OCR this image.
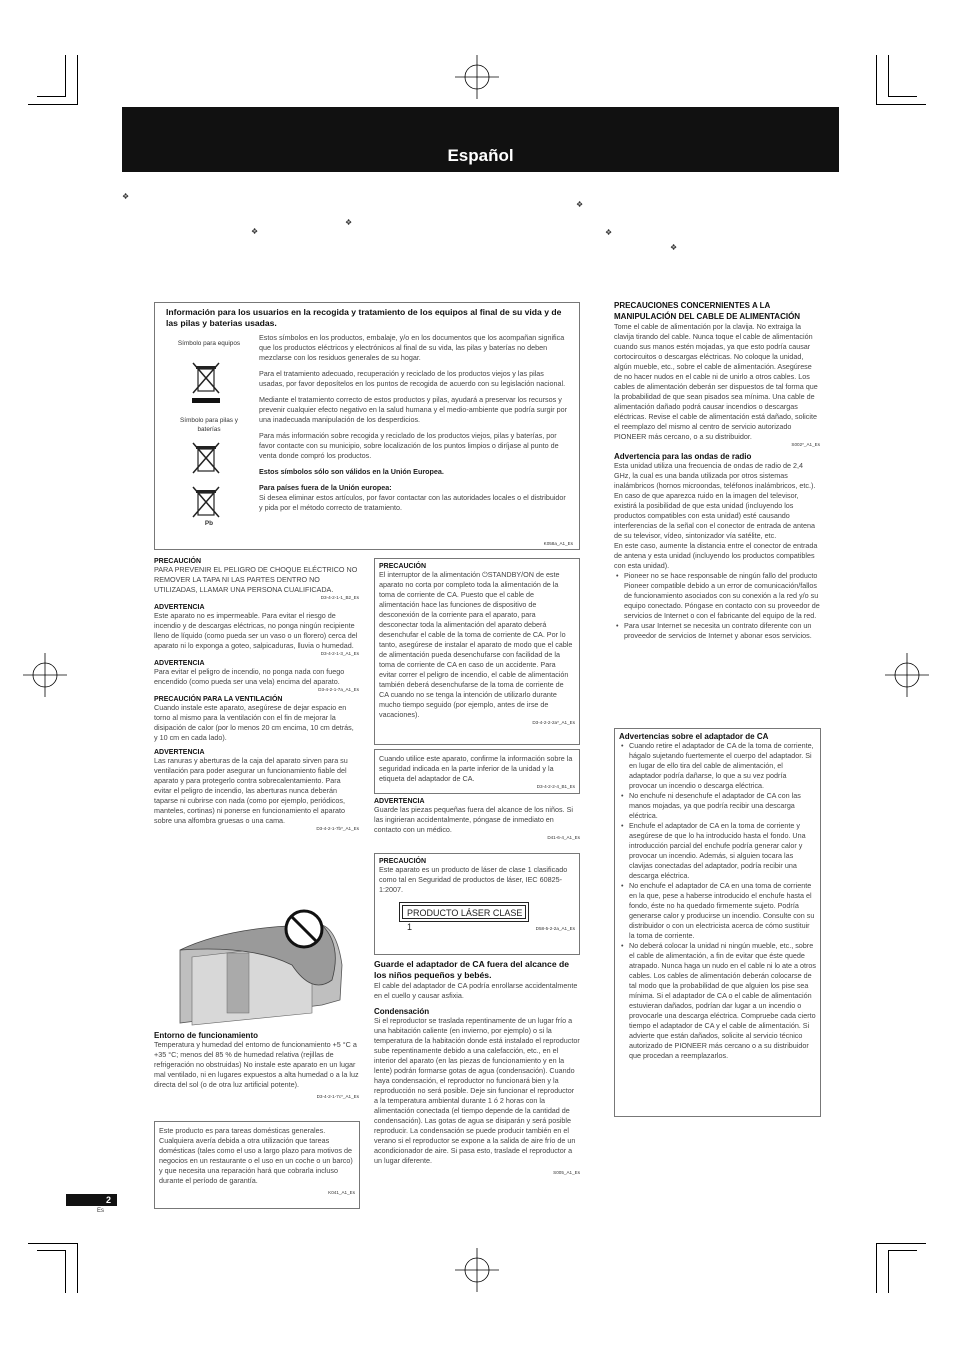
Español
❖
❖
❖
❖
❖
❖
Información para los usuarios en la recogida y tratamiento de los equipos al final de su vida y de las pilas y baterias usadas.
Símbolo para equipos
Símbolo para pilas y baterías
Pb
Estos símbolos en los productos, embalaje, y/o en los documentos que los acompañan significa que los productos eléctricos y electrónicos al final de su vida, las pilas y baterías no deben mezclarse con los residuos generales de su hogar.
Para el tratamiento adecuado, recuperación y reciclado de los productos viejos y las pilas usadas, por favor deposítelos en los puntos de recogida de acuerdo con su legislación nacional.
Mediante el tratamiento correcto de estos productos y pilas, ayudará a preservar los recursos y prevenir cualquier efecto negativo en la salud humana y el medio-ambiente que podría surgir por una inadecuada manipulación de los desperdicios.
Para más información sobre recogida y reciclado de los productos viejos, pilas y baterías, por favor contacte con su municipio, sobre localización de los puntos limpios o diríjase al punto de venta donde compró los productos.
Estos símbolos sólo son válidos en la Unión Europea.
Para países fuera de la Unión europea:
Si desea eliminar estos artículos, por favor contactar con las autoridades locales o el distribuidor y pida por el método correcto de tratamiento.
K058a_A1_Es
PRECAUCIÓN
PARA PREVENIR EL PELIGRO DE CHOQUE ELÉCTRICO NO REMOVER LA TAPA NI LAS PARTES DENTRO NO UTILIZADAS, LLAMAR UNA PERSONA CUALIFICADA.
D3-4-2-1-1_B2_Es
ADVERTENCIA
Este aparato no es impermeable. Para evitar el riesgo de incendio y de descargas eléctricas, no ponga ningún recipiente lleno de líquido (como pueda ser un vaso o un florero) cerca del aparato ni lo exponga a goteo, salpicaduras, lluvia o humedad.
D3-4-2-1-3_A1_Es
ADVERTENCIA
Para evitar el peligro de incendio, no ponga nada con fuego encendido (como pueda ser una vela) encima del aparato.
D3-4-2-1-7a_A1_Es
PRECAUCIÓN PARA LA VENTILACIÓN
Cuando instale este aparato, asegúrese de dejar espacio en torno al mismo para la ventilación con el fin de mejorar la disipación de calor (por lo menos 20 cm encima, 10 cm detrás, y 10 cm en cada lado).
ADVERTENCIA
Las ranuras y aberturas de la caja del aparato sirven para su ventilación para poder asegurar un funcionamiento fiable del aparato y para protegerlo contra sobrecalentamiento. Para evitar el peligro de incendio, las aberturas nunca deberán taparse ni cubrirse con nada (como por ejemplo, periódicos, manteles, cortinas) ni ponerse en funcionamiento el aparato sobre una alfombra gruesas o una cama.
D3-4-2-1-7b*_A1_Es
Entorno de funcionamiento
Temperatura y humedad del entorno de funcionamiento +5 °C a +35 °C; menos del 85 % de humedad relativa (rejillas de refrigeración no obstruidas) No instale este aparato en un lugar mal ventilado, ni en lugares expuestos a alta humedad o a la luz directa del sol (o de otra luz artificial potente).
D3-4-2-1-7c*_A1_Es
Este producto es para tareas domésticas generales. Cualquiera avería debida a otra utilización que tareas domésticas (tales como el uso a largo plazo para motivos de negocios en un restaurante o el uso en un coche o un barco) y que necesita una reparación hará que cobrarla incluso durante el período de garantía.
K041_A1_Es
PRECAUCIÓN
El interruptor de la alimentación ⏻STANDBY/ON de este aparato no corta por completo toda la alimentación de la toma de corriente de CA. Puesto que el cable de alimentación hace las funciones de dispositivo de desconexión de la corriente para el aparato, para desconectar toda la alimentación del aparato deberá desenchufar el cable de la toma de corriente de CA. Por lo tanto, asegúrese de instalar el aparato de modo que el cable de alimentación pueda desenchufarse con facilidad de la toma de corriente de CA en caso de un accidente. Para evitar correr el peligro de incendio, el cable de alimentación también deberá desenchufarse de la toma de corriente de CA cuando no se tenga la intención de utilizarlo durante mucho tiempo seguido (por ejemplo, antes de irse de vacaciones).
D3-4-2-2-2a*_A1_Es
Cuando utilice este aparato, confirme la información sobre la seguridad indicada en la parte inferior de la unidad y la etiqueta del adaptador de CA.
D3-4-2-2-4_B1_Es
ADVERTENCIA
Guarde las piezas pequeñas fuera del alcance de los niños. Si las ingirieran accidentalmente, póngase de inmediato en contacto con un médico.
D41-6-4_A1_Es
PRECAUCIÓN
Este aparato es un producto de láser de clase 1 clasificado como tal en Seguridad de productos de láser, IEC 60825-1:2007.
PRODUCTO LÁSER CLASE 1	D58-5-2-2a_A1_Es
Guarde el adaptador de CA fuera del alcance de los niños pequeños y bebés.
El cable del adaptador de CA podría enrollarse accidentalmente en el cuello y causar asfixia.
Condensación
Si el reproductor se traslada repentinamente de un lugar frío a una habitación caliente (en invierno, por ejemplo) o si la temperatura de la habitación donde está instalado el reproductor sube repentinamente debido a una calefacción, etc., en el interior del aparato (en las piezas de funcionamiento y en la lente) podrán formarse gotas de agua (condensación). Cuando haya condensación, el reproductor no funcionará bien y la reproducción no será posible. Deje sin funcionar el reproductor a la temperatura ambiental durante 1 ó 2 horas con la alimentación conectada (el tiempo depende de la cantidad de condensación). Las gotas de agua se disiparán y será posible reproducir. La condensación se puede producir también en el verano si el reproductor se expone a la salida de aire frío de un acondicionador de aire. Si pasa esto, traslade el reproductor a un lugar diferente.
S005_A1_Es
PRECAUCIONES CONCERNIENTES A LA MANIPULACIÓN DEL CABLE DE ALIMENTACIÓN
Tome el cable de alimentación por la clavija. No extraiga la clavija tirando del cable. Nunca toque el cable de alimentación cuando sus manos estén mojadas, ya que esto podría causar cortocircuitos o descargas eléctricas. No coloque la unidad, algún mueble, etc., sobre el cable de alimentación. Asegúrese de no hacer nudos en el cable ni de unirlo a otros cables. Los cables de alimentación deberán ser dispuestos de tal forma que la probabilidad de que sean pisados sea mínima. Una cable de alimentación dañado podrá causar incendios o descargas eléctricas. Revise el cable de alimentación está dañado, solicite el reemplazo del mismo al centro de servicio autorizado PIONEER más cercano, o a su distribuidor.
S002*_A1_Es
Advertencia para las ondas de radio
Esta unidad utiliza una frecuencia de ondas de radio de 2,4 GHz, la cual es una banda utilizada por otros sistemas inalámbricos (hornos microondas, teléfonos inalámbricos, etc.).
En caso de que aparezca ruido en la imagen del televisor, existirá la posibilidad de que esta unidad (incluyendo los productos compatibles con esta unidad) esté causando interferencias de la señal con el conector de entrada de antena de su televisor, vídeo, sintonizador vía satélite, etc.
En este caso, aumente la distancia entre el conector de entrada de antena y esta unidad (incluyendo los productos compatibles con esta unidad).
• Pioneer no se hace responsable de ningún fallo del producto Pioneer compatible debido a un error de comunicación/fallos de funcionamiento asociados con su conexión a la red y/o su equipo conectado. Póngase en contacto con su proveedor de servicios de Internet o con el fabricante del equipo de la red.
• Para usar Internet se necesita un contrato diferente con un proveedor de servicios de Internet y abonar esos servicios.
Advertencias sobre el adaptador de CA
• Cuando retire el adaptador de CA de la toma de corriente, hágalo sujetando fuertemente el cuerpo del adaptador. Si en lugar de ello tira del cable de alimentación, el adaptador podría dañarse, lo que a su vez podría provocar un incendio o descarga eléctrica.
• No enchufe ni desenchufe el adaptador de CA con las manos mojadas, ya que podría recibir una descarga eléctrica.
• Enchufe el adaptador de CA en la toma de corriente y asegúrese de que lo ha introducido hasta el fondo. Una introducción parcial del enchufe podría generar calor y provocar un incendio. Además, si alguien tocara las clavijas conectadas del adaptador, podría recibir una descarga eléctrica.
• No enchufe el adaptador de CA en una toma de corriente en la que, pese a haberse introducido el enchufe hasta el fondo, éste no ha quedado firmemente sujeto. Podría generarse calor y producirse un incendio. Consulte con su distribuidor o con un electricista acerca de cómo sustituir la toma de corriente.
• No deberá colocar la unidad ni ningún mueble, etc., sobre el cable de alimentación, a fin de evitar que éste quede atrapado. Nunca haga un nudo en el cable ni lo ate a otros cables. Los cables de alimentación deberán colocarse de tal modo que la probabilidad de que alguien los pise sea mínima. Si el adaptador de CA o el cable de alimentación estuvieran dañados, podrían dar lugar a un incendio o provocarle una descarga eléctrica. Compruebe cada cierto tiempo el adaptador de CA y el cable de alimentación. Si advierte que están dañados, solicite al servicio técnico autorizado de PIONEER más cercano o a su distribuidor que procedan a reemplazarlos.
2
Es
